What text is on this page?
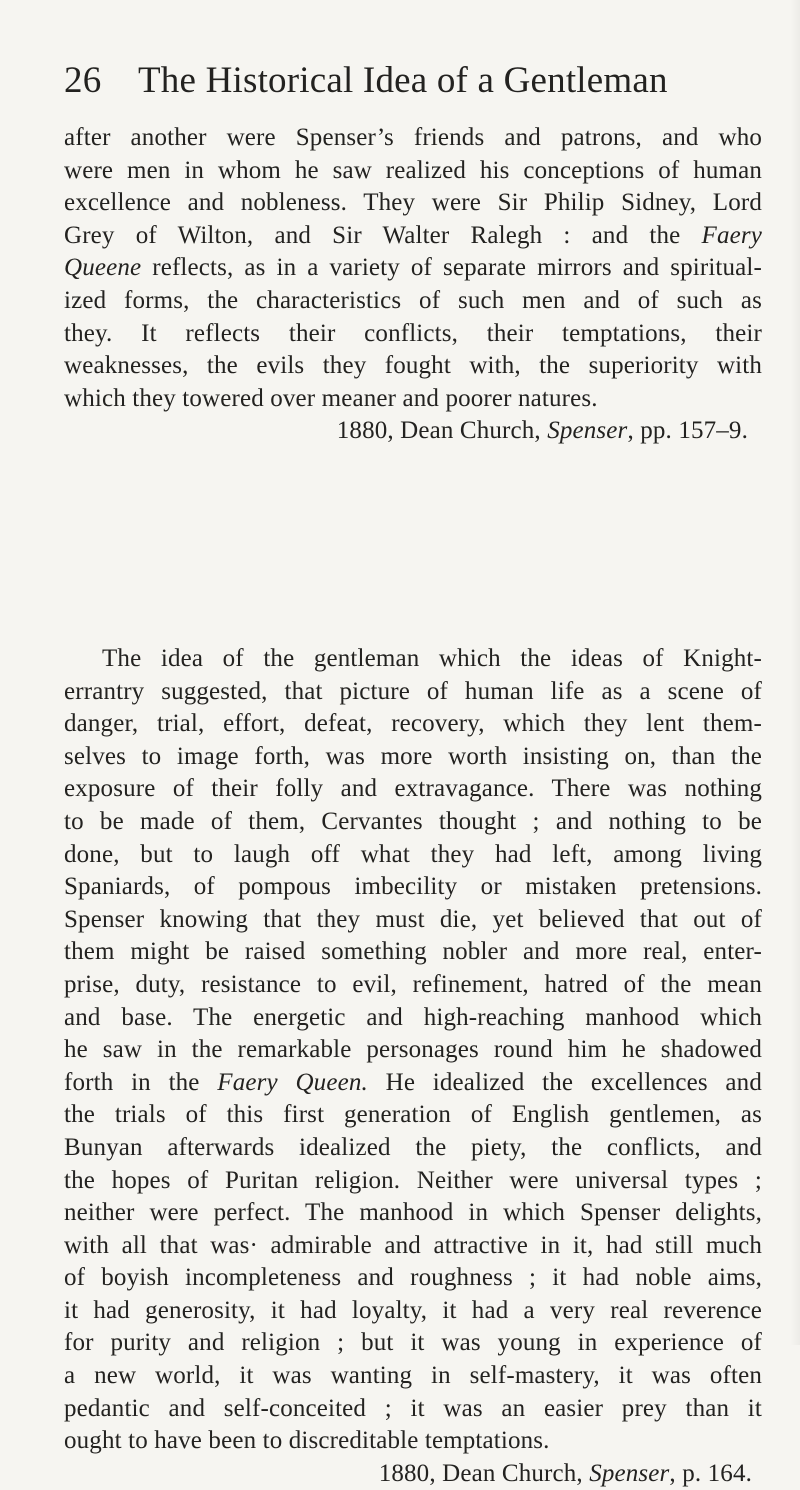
26 The Historical Idea of a Gentleman
after another were Spenser’s friends and patrons, and who
were men in whom he saw realized his conceptions of human
excellence and nobleness. They were Sir Philip Sidney, Lord
Grey of Wilton, and Sir Walter Ralegh : and the Faery
Queene reflects, as in a variety of separate mirrors and spiritual-
ized forms, the characteristics of such men and of such as
they. It reflects their conflicts, their temptations, their
weaknesses, the evils they fought with, the superiority with
which they towered over meaner and poorer natures.
1880, Dean Church, Spenser, pp. 157–9.
The idea of the gentleman which the ideas of Knight-
errantry suggested, that picture of human life as a scene of
danger, trial, effort, defeat, recovery, which they lent them-
selves to image forth, was more worth insisting on, than the
exposure of their folly and extravagance. There was nothing
to be made of them, Cervantes thought ; and nothing to be
done, but to laugh off what they had left, among living
Spaniards, of pompous imbecility or mistaken pretensions.
Spenser knowing that they must die, yet believed that out of
them might be raised something nobler and more real, enter-
prise, duty, resistance to evil, refinement, hatred of the mean
and base. The energetic and high-reaching manhood which
he saw in the remarkable personages round him he shadowed
forth in the Faery Queen. He idealized the excellences and
the trials of this first generation of English gentlemen, as
Bunyan afterwards idealized the piety, the conflicts, and
the hopes of Puritan religion. Neither were universal types ;
neither were perfect. The manhood in which Spenser delights,
with all that was· admirable and attractive in it, had still much
of boyish incompleteness and roughness ; it had noble aims,
it had generosity, it had loyalty, it had a very real reverence
for purity and religion ; but it was young in experience of
a new world, it was wanting in self-mastery, it was often
pedantic and self-conceited ; it was an easier prey than it
ought to have been to discreditable temptations.
1880, Dean Church, Spenser, p. 164.
